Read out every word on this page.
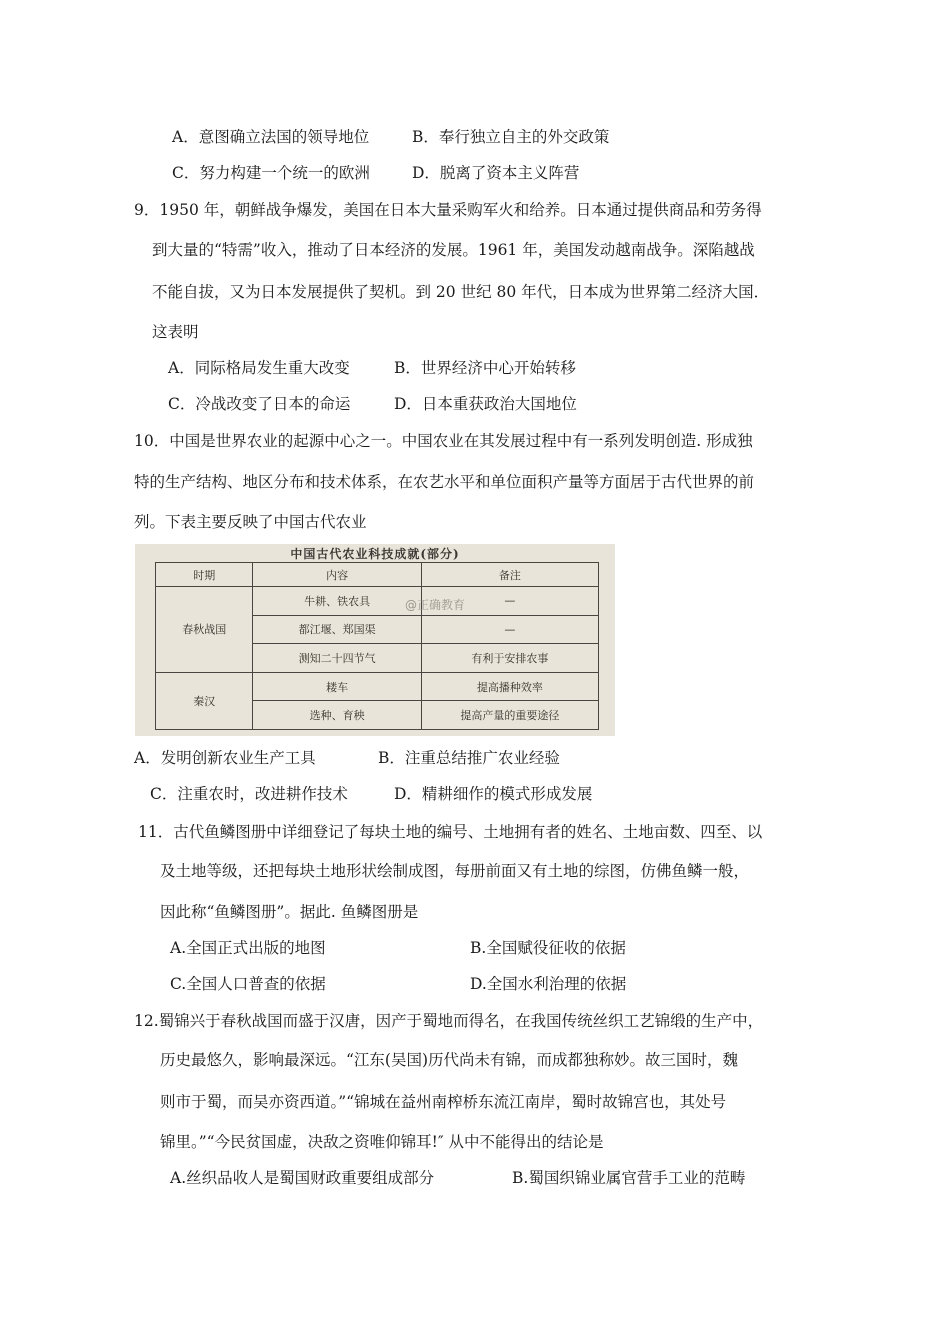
A．意图确立法国的领导地位	B．奉行独立自主的外交政策
C．努力构建一个统一的欧洲	D．脱离了资本主义阵营
9．1950 年，朝鲜战争爆发，美国在日本大量采购军火和给养。日本通过提供商品和劳务得
到大量的“特需”收入，推动了日本经济的发展。1961 年，美国发动越南战争。深陷越战
不能自拔，又为日本发展提供了契机。到 20 世纪 80 年代，日本成为世界第二经济大国．
这表明
A．同际格局发生重大改变	B．世界经济中心开始转移
C．冷战改变了日本的命运	D．日本重获政治大国地位
10．中国是世界农业的起源中心之一。中国农业在其发展过程中有一系列发明创造. 形成独
特的生产结构、地区分布和技术体系，在农艺水平和单位面积产量等方面居于古代世界的前
列。下表主要反映了中国古代农业
中国古代农业科技成就(部分)
时期	内容	备注
春秋战国	牛耕、铁农具	—
	都江堰、郑国渠	—
	测知二十四节气	有利于安排农事
秦汉	耧车	提高播种效率
	选种、育秧	提高产量的重要途径
@正确教育
A．发明创新农业生产工具	B．注重总结推广农业经验
C．注重农时，改进耕作技术	D．精耕细作的模式形成发展
11．古代鱼鳞图册中详细登记了每块土地的编号、土地拥有者的姓名、土地亩数、四至、以
及土地等级，还把每块土地形状绘制成图，每册前面又有土地的综图，仿佛鱼鳞一般，
因此称“鱼鳞图册”。据此. 鱼鳞图册是
A.全国正式出版的地图	B.全国赋役征收的依据
C.全国人口普查的依据	D.全国水利治理的依据
12.蜀锦兴于春秋战国而盛于汉唐，因产于蜀地而得名，在我国传统丝织工艺锦缎的生产中，
历史最悠久，影响最深远。“江东(吴国)历代尚未有锦，而成都独称妙。故三国时，魏
则市于蜀，而吴亦资西道。”“锦城在益州南榨桥东流江南岸，蜀时故锦宫也，其处号
锦里。”“今民贫国虚，决敌之资唯仰锦耳!″ 从中不能得出的结论是
A.丝织品收人是蜀国财政重要组成部分	B.蜀国织锦业属官营手工业的范畴
